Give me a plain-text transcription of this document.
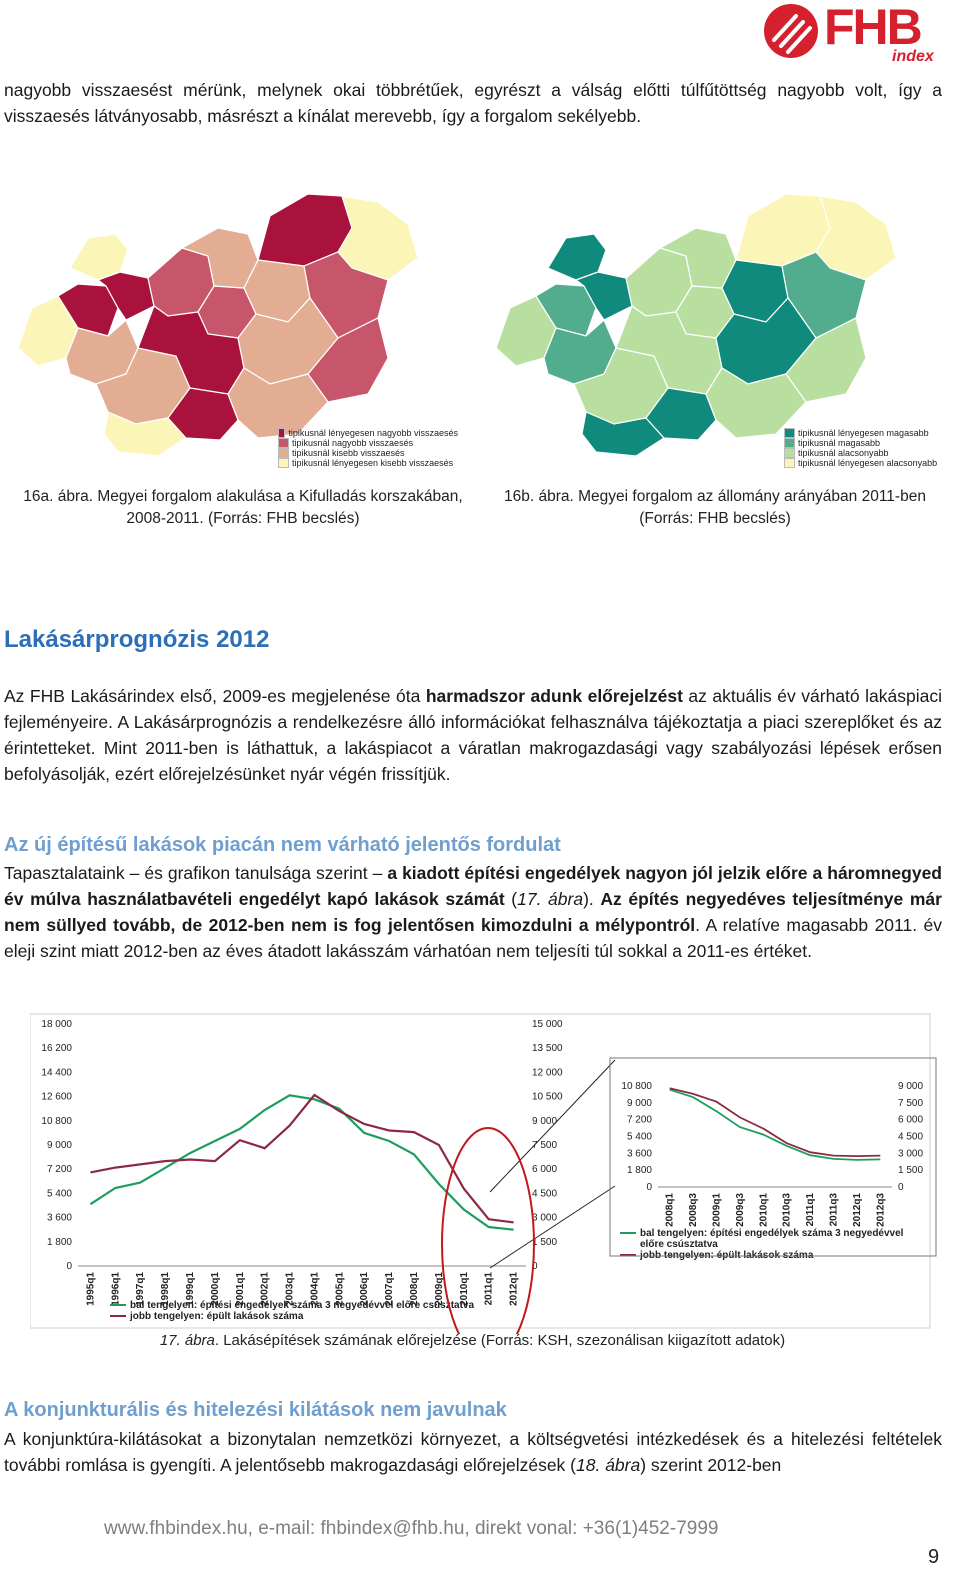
FHB
index
nagyobb visszaesést mérünk, melynek okai többrétűek, egyrészt a válság előtti túlfűtöttség nagyobb volt, így a visszaesés látványosabb, másrészt a kínálat merevebb, így a forgalom sekélyebb.
tipikusnál lényegesen nagyobb visszaesés
tipikusnál nagyobb visszaesés
tipikusnál kisebb visszaesés
tipikusnál lényegesen kisebb visszaesés
tipikusnál lényegesen magasabb
tipikusnál magasabb
tipikusnál alacsonyabb
tipikusnál lényegesen alacsonyabb
16a. ábra. Megyei forgalom alakulása a Kifulladás korszakában,
2008-2011. (Forrás: FHB becslés)
16b. ábra. Megyei forgalom az állomány arányában 2011-ben
(Forrás: FHB becslés)
Lakásárprognózis 2012
Az FHB Lakásárindex első, 2009-es megjelenése óta harmadszor adunk előrejelzést az aktuális év várható lakáspiaci fejleményeire. A Lakásárprognózis a rendelkezésre álló információkat felhasználva tájékoztatja a piaci szereplőket és az érintetteket. Mint 2011-ben is láthattuk, a lakáspiacot a váratlan makrogazdasági vagy szabályozási lépések erősen befolyásolják, ezért előrejelzésünket nyár végén frissítjük.
Az új építésű lakások piacán nem várható jelentős fordulat
Tapasztalataink – és grafikon tanulsága szerint – a kiadott építési engedélyek nagyon jól jelzik előre a háromnegyed év múlva használatbavételi engedélyt kapó lakások számát (17. ábra). Az építés negyedéves teljesítménye már nem süllyed tovább, de 2012-ben nem is fog jelentősen kimozdulni a mélypontról. A relatíve magasabb 2011. év eleji szint miatt 2012-ben az éves átadott lakásszám várhatóan nem teljesíti túl sokkal a 2011-es értéket.
18 000
16 200
14 400
12 600
10 800
9 000
7 200
5 400
3 600
1 800
0
15 000
13 500
12 000
10 500
9 000
7 500
6 000
4 500
3 000
1 500
0
1995q1 1996q1 1997q1 1998q1 1999q1 2000q1 2001q1 2002q1 2003q1 2004q1 2005q1 2006q1 2007q1 2008q1 2009q1 2010q1 2011q1 2012q1
bal tengelyen: építési engedélyek száma 3 negyedévvel előre csúsztatva
jobb tengelyen: épült lakások száma
10 800
9 000
7 200
5 400
3 600
1 800
0
9 000
7 500
6 000
4 500
3 000
1 500
0
2008q1 2008q3 2009q1 2009q3 2010q1 2010q3 2011q1 2011q3 2012q1 2012q3
bal tengelyen: építési engedélyek száma 3 negyedévvel
előre csúsztatva
jobb tengelyen: épült lakások száma
17. ábra. Lakásépítések számának előrejelzése (Forrás: KSH, szezonálisan kiigazított adatok)
A konjunkturális és hitelezési kilátások nem javulnak
A konjunktúra-kilátásokat a bizonytalan nemzetközi környezet, a költségvetési intézkedések és a hitelezési feltételek további romlása is gyengíti. A jelentősebb makrogazdasági előrejelzések (18. ábra) szerint 2012-ben
www.fhbindex.hu, e-mail: fhbindex@fhb.hu, direkt vonal: +36(1)452-7999
9
